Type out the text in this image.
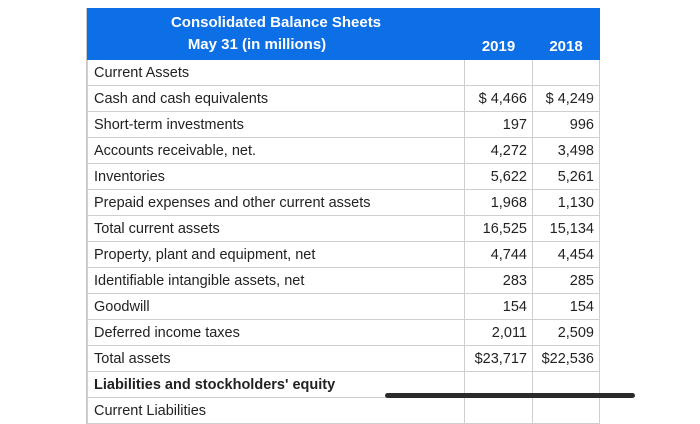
Consolidated Balance Sheets
May 31 (in millions)	2019	2018
Current Assets		
Cash and cash equivalents	$ 4,466	$ 4,249
Short-term investments	197	996
Accounts receivable, net.	4,272	3,498
Inventories	5,622	5,261
Prepaid expenses and other current assets	1,968	1,130
Total current assets	16,525	15,134
Property, plant and equipment, net	4,744	4,454
Identifiable intangible assets, net	283	285
Goodwill	154	154
Deferred income taxes	2,011	2,509
Total assets	$23,717	$22,536
Liabilities and stockholders' equity		
Current Liabilities		
